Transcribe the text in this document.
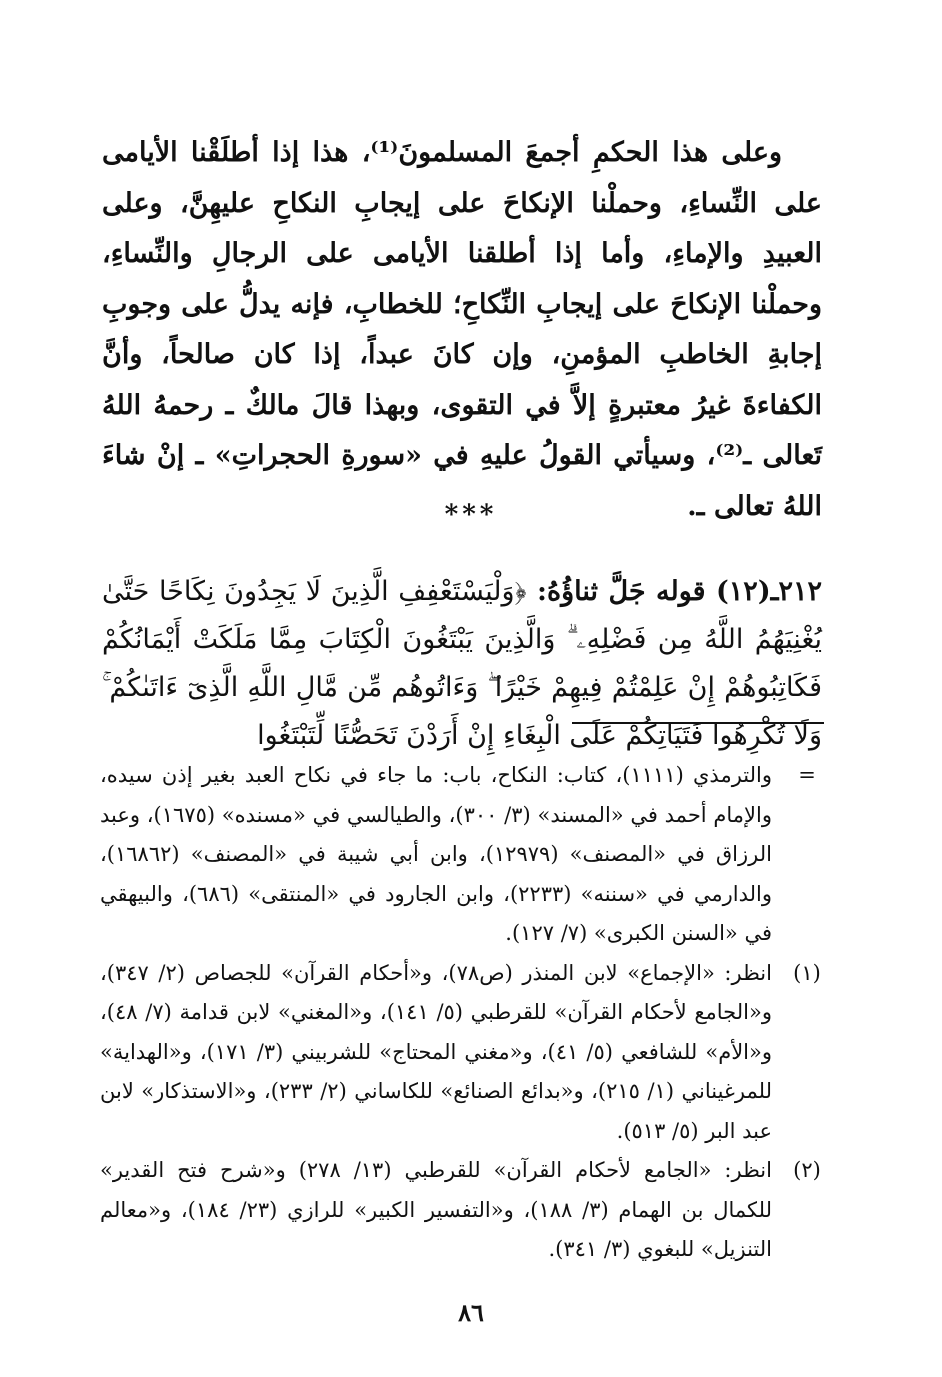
وعلى هذا الحكمِ أجمعَ المسلمونَ⁽¹⁾، هذا إذا أطلَقْنا الأيامى على النِّساءِ، وحملْنا الإنكاحَ على إيجابِ النكاحِ عليهِنَّ، وعلى العبيدِ والإماءِ، وأما إذا أطلقنا الأيامى على الرجالِ والنِّساءِ، وحملْنا الإنكاحَ على إيجابِ النِّكاحِ؛ للخطابِ، فإنه يدلُّ على وجوبِ إجابةِ الخاطبِ المؤمنِ، وإن كانَ عبداً، إذا كان صالحاً، وأنَّ الكفاءةَ غيرُ معتبرةٍ إلاَّ في التقوى، وبهذا قالَ مالكٌ ـ رحمهُ اللهُ تَعالى ـ⁽²⁾، وسيأتي القولُ عليهِ في «سورةِ الحجراتِ» ـ إنْ شاءَ اللهُ تعالى ـ.

***

٢١٢ـ(١٢) قوله جَلَّ ثناؤُهُ: ﴿وَلْيَسْتَعْفِفِ الَّذِينَ لَا يَجِدُونَ نِكَاحًا حَتَّىٰ يُغْنِيَهُمُ اللَّهُ مِن فَضْلِهِۦ ۗ وَالَّذِينَ يَبْتَغُونَ الْكِتَابَ مِمَّا مَلَكَتْ أَيْمَانُكُمْ فَكَاتِبُوهُمْ إِنْ عَلِمْتُمْ فِيهِمْ خَيْرًا ۖ وَءَاتُوهُم مِّن مَّالِ اللَّهِ الَّذِىٓ ءَاتَىٰكُمْ ۚ وَلَا تُكْرِهُوا فَتَيَاتِكُمْ عَلَى الْبِغَاءِ إِنْ أَرَدْنَ تَحَصُّنًا لِّتَبْتَغُوا

=
والترمذي (١١١١)، كتاب: النكاح، باب: ما جاء في نكاح العبد بغير إذن سيده، والإمام أحمد في «المسند» (٣/ ٣٠٠)، والطيالسي في «مسنده» (١٦٧٥)، وعبد الرزاق في «المصنف» (١٢٩٧٩)، وابن أبي شيبة في «المصنف» (١٦٨٦٢)، والدارمي في «سننه» (٢٢٣٣)، وابن الجارود في «المنتقى» (٦٨٦)، والبيهقي في «السنن الكبرى» (٧/ ١٢٧).
(١)
انظر: «الإجماع» لابن المنذر (ص٧٨)، و«أحكام القرآن» للجصاص (٢/ ٣٤٧)، و«الجامع لأحكام القرآن» للقرطبي (٥/ ١٤١)، و«المغني» لابن قدامة (٧/ ٤٨)، و«الأم» للشافعي (٥/ ٤١)، و«مغني المحتاج» للشربيني (٣/ ١٧١)، و«الهداية» للمرغيناني (١/ ٢١٥)، و«بدائع الصنائع» للكاساني (٢/ ٢٣٣)، و«الاستذكار» لابن عبد البر (٥/ ٥١٣).
(٢)
انظر: «الجامع لأحكام القرآن» للقرطبي (١٣/ ٢٧٨) و«شرح فتح القدير» للكمال بن الهمام (٣/ ١٨٨)، و«التفسير الكبير» للرازي (٢٣/ ١٨٤)، و«معالم التنزيل» للبغوي (٣/ ٣٤١).
٨٦
